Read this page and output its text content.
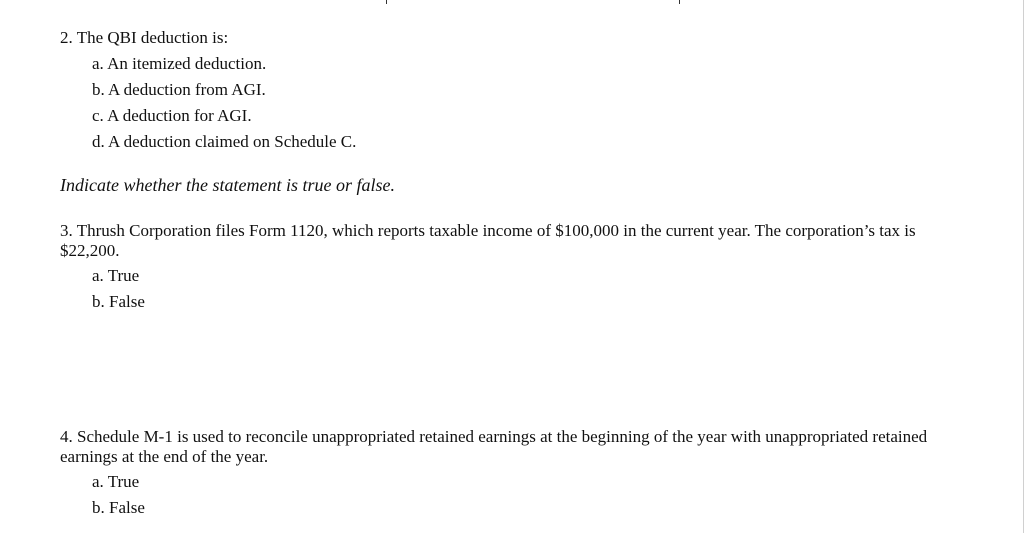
2. The QBI deduction is:

a. An itemized deduction.

b. A deduction from AGI.

c. A deduction for AGI.

d. A deduction claimed on Schedule C.

Indicate whether the statement is true or false.

3. Thrush Corporation files Form 1120, which reports taxable income of $100,000 in the current year. The corporation’s tax is $22,200.

a. True

b. False

4. Schedule M-1 is used to reconcile unappropriated retained earnings at the beginning of the year with unappropriated retained earnings at the end of the year.

a. True

b. False
